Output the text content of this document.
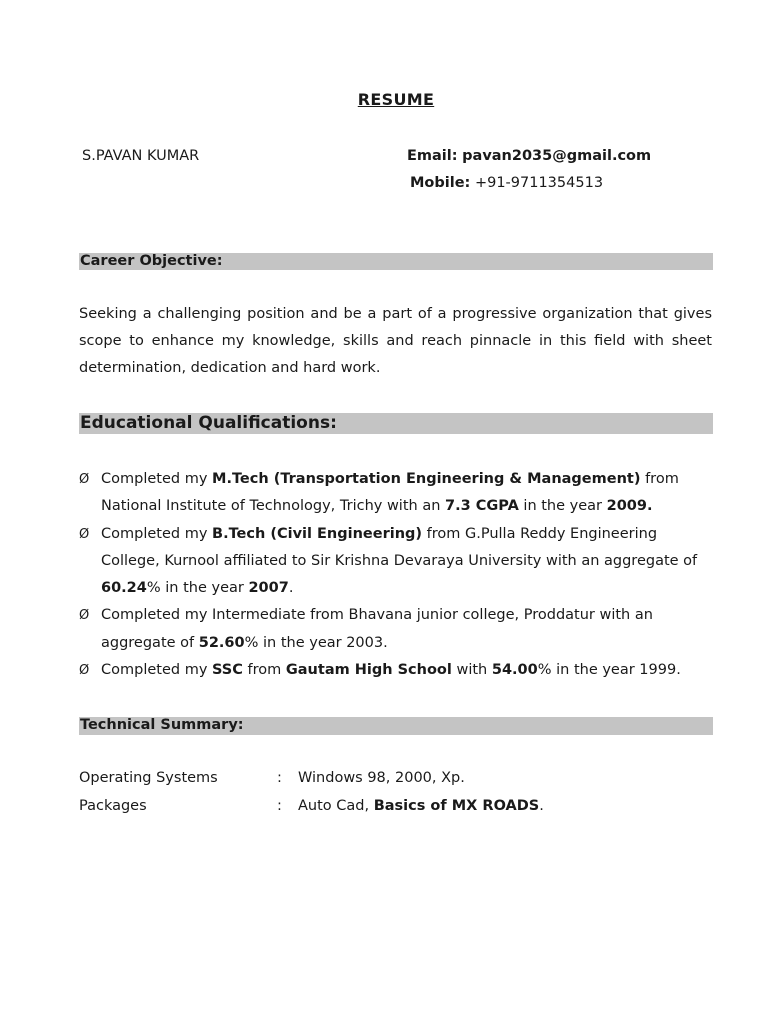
RESUME
S.PAVAN KUMAR	Email: pavan2035@gmail.com
Mobile: +91-9711354513
Career Objective:
Seeking a challenging position and be a part of a progressive organization that gives scope to enhance my knowledge, skills and reach pinnacle in this field with sheet determination, dedication and hard work.
Educational Qualifications:
Ø Completed my M.Tech (Transportation Engineering & Management) from National Institute of Technology, Trichy with an 7.3 CGPA in the year 2009.
Ø Completed my B.Tech (Civil Engineering) from G.Pulla Reddy Engineering College, Kurnool affiliated to Sir Krishna Devaraya University with an aggregate of 60.24% in the year 2007.
Ø Completed my Intermediate from Bhavana junior college, Proddatur with an aggregate of 52.60% in the year 2003.
Ø Completed my SSC from Gautam High School with 54.00% in the year 1999.
Technical Summary:
Operating Systems	: Windows 98, 2000, Xp.
Packages	: Auto Cad, Basics of MX ROADS.
